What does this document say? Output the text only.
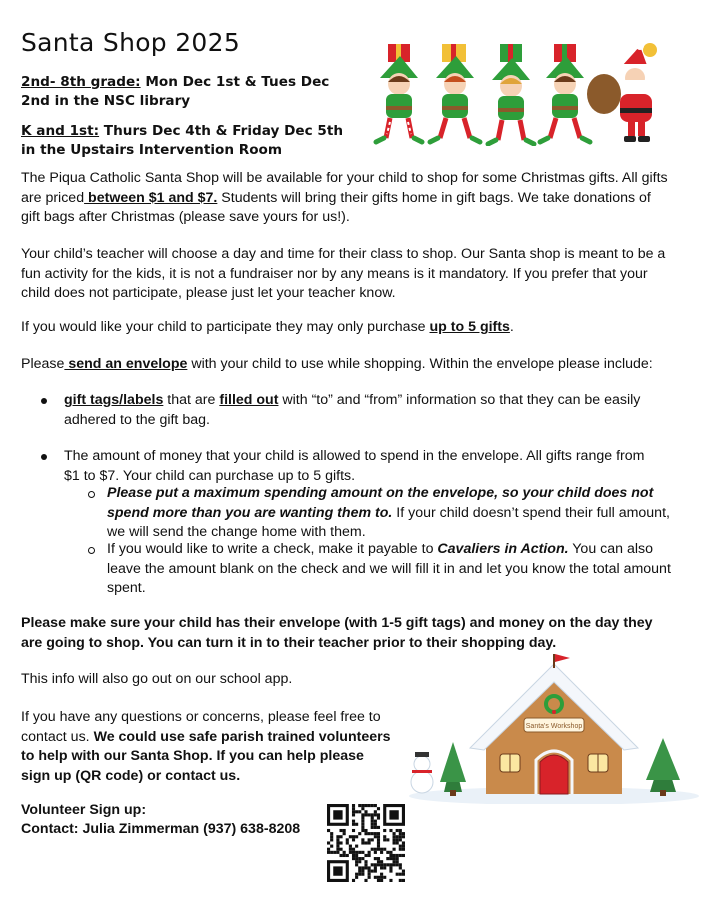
Santa Shop 2025
2nd- 8th grade: Mon Dec 1st & Tues Dec 2nd in the NSC library
K and 1st: Thurs Dec 4th & Friday Dec 5th in the Upstairs Intervention Room

The Piqua Catholic Santa Shop will be available for your child to shop for some Christmas gifts. All gifts are priced between $1 and $7. Students will bring their gifts home in gift bags. We take donations of gift bags after Christmas (please save yours for us!).

Your child’s teacher will choose a day and time for their class to shop. Our Santa shop is meant to be a fun activity for the kids, it is not a fundraiser nor by any means is it mandatory. If you prefer that your child does not participate, please just let your teacher know.

If you would like your child to participate they may only purchase up to 5 gifts.

Please send an envelope with your child to use while shopping. Within the envelope please include:

gift tags/labels that are filled out with “to” and “from” information so that they can be easily adhered to the gift bag.

The amount of money that your child is allowed to spend in the envelope. All gifts range from $1 to $7. Your child can purchase up to 5 gifts.

Please put a maximum spending amount on the envelope, so your child does not spend more than you are wanting them to. If your child doesn’t spend their full amount, we will send the change home with them.

If you would like to write a check, make it payable to Cavaliers in Action. You can also leave the amount blank on the check and we will fill it in and let you know the total amount spent.

Please make sure your child has their envelope (with 1-5 gift tags) and money on the day they are going to shop. You can turn it in to their teacher prior to their shopping day.

This info will also go out on our school app.

If you have any questions or concerns, please feel free to contact us. We could use safe parish trained volunteers to help with our Santa Shop. If you can help please sign up (QR code) or contact us.

Volunteer Sign up:

Contact: Julia Zimmerman (937) 638-8208

Santa's Workshop
